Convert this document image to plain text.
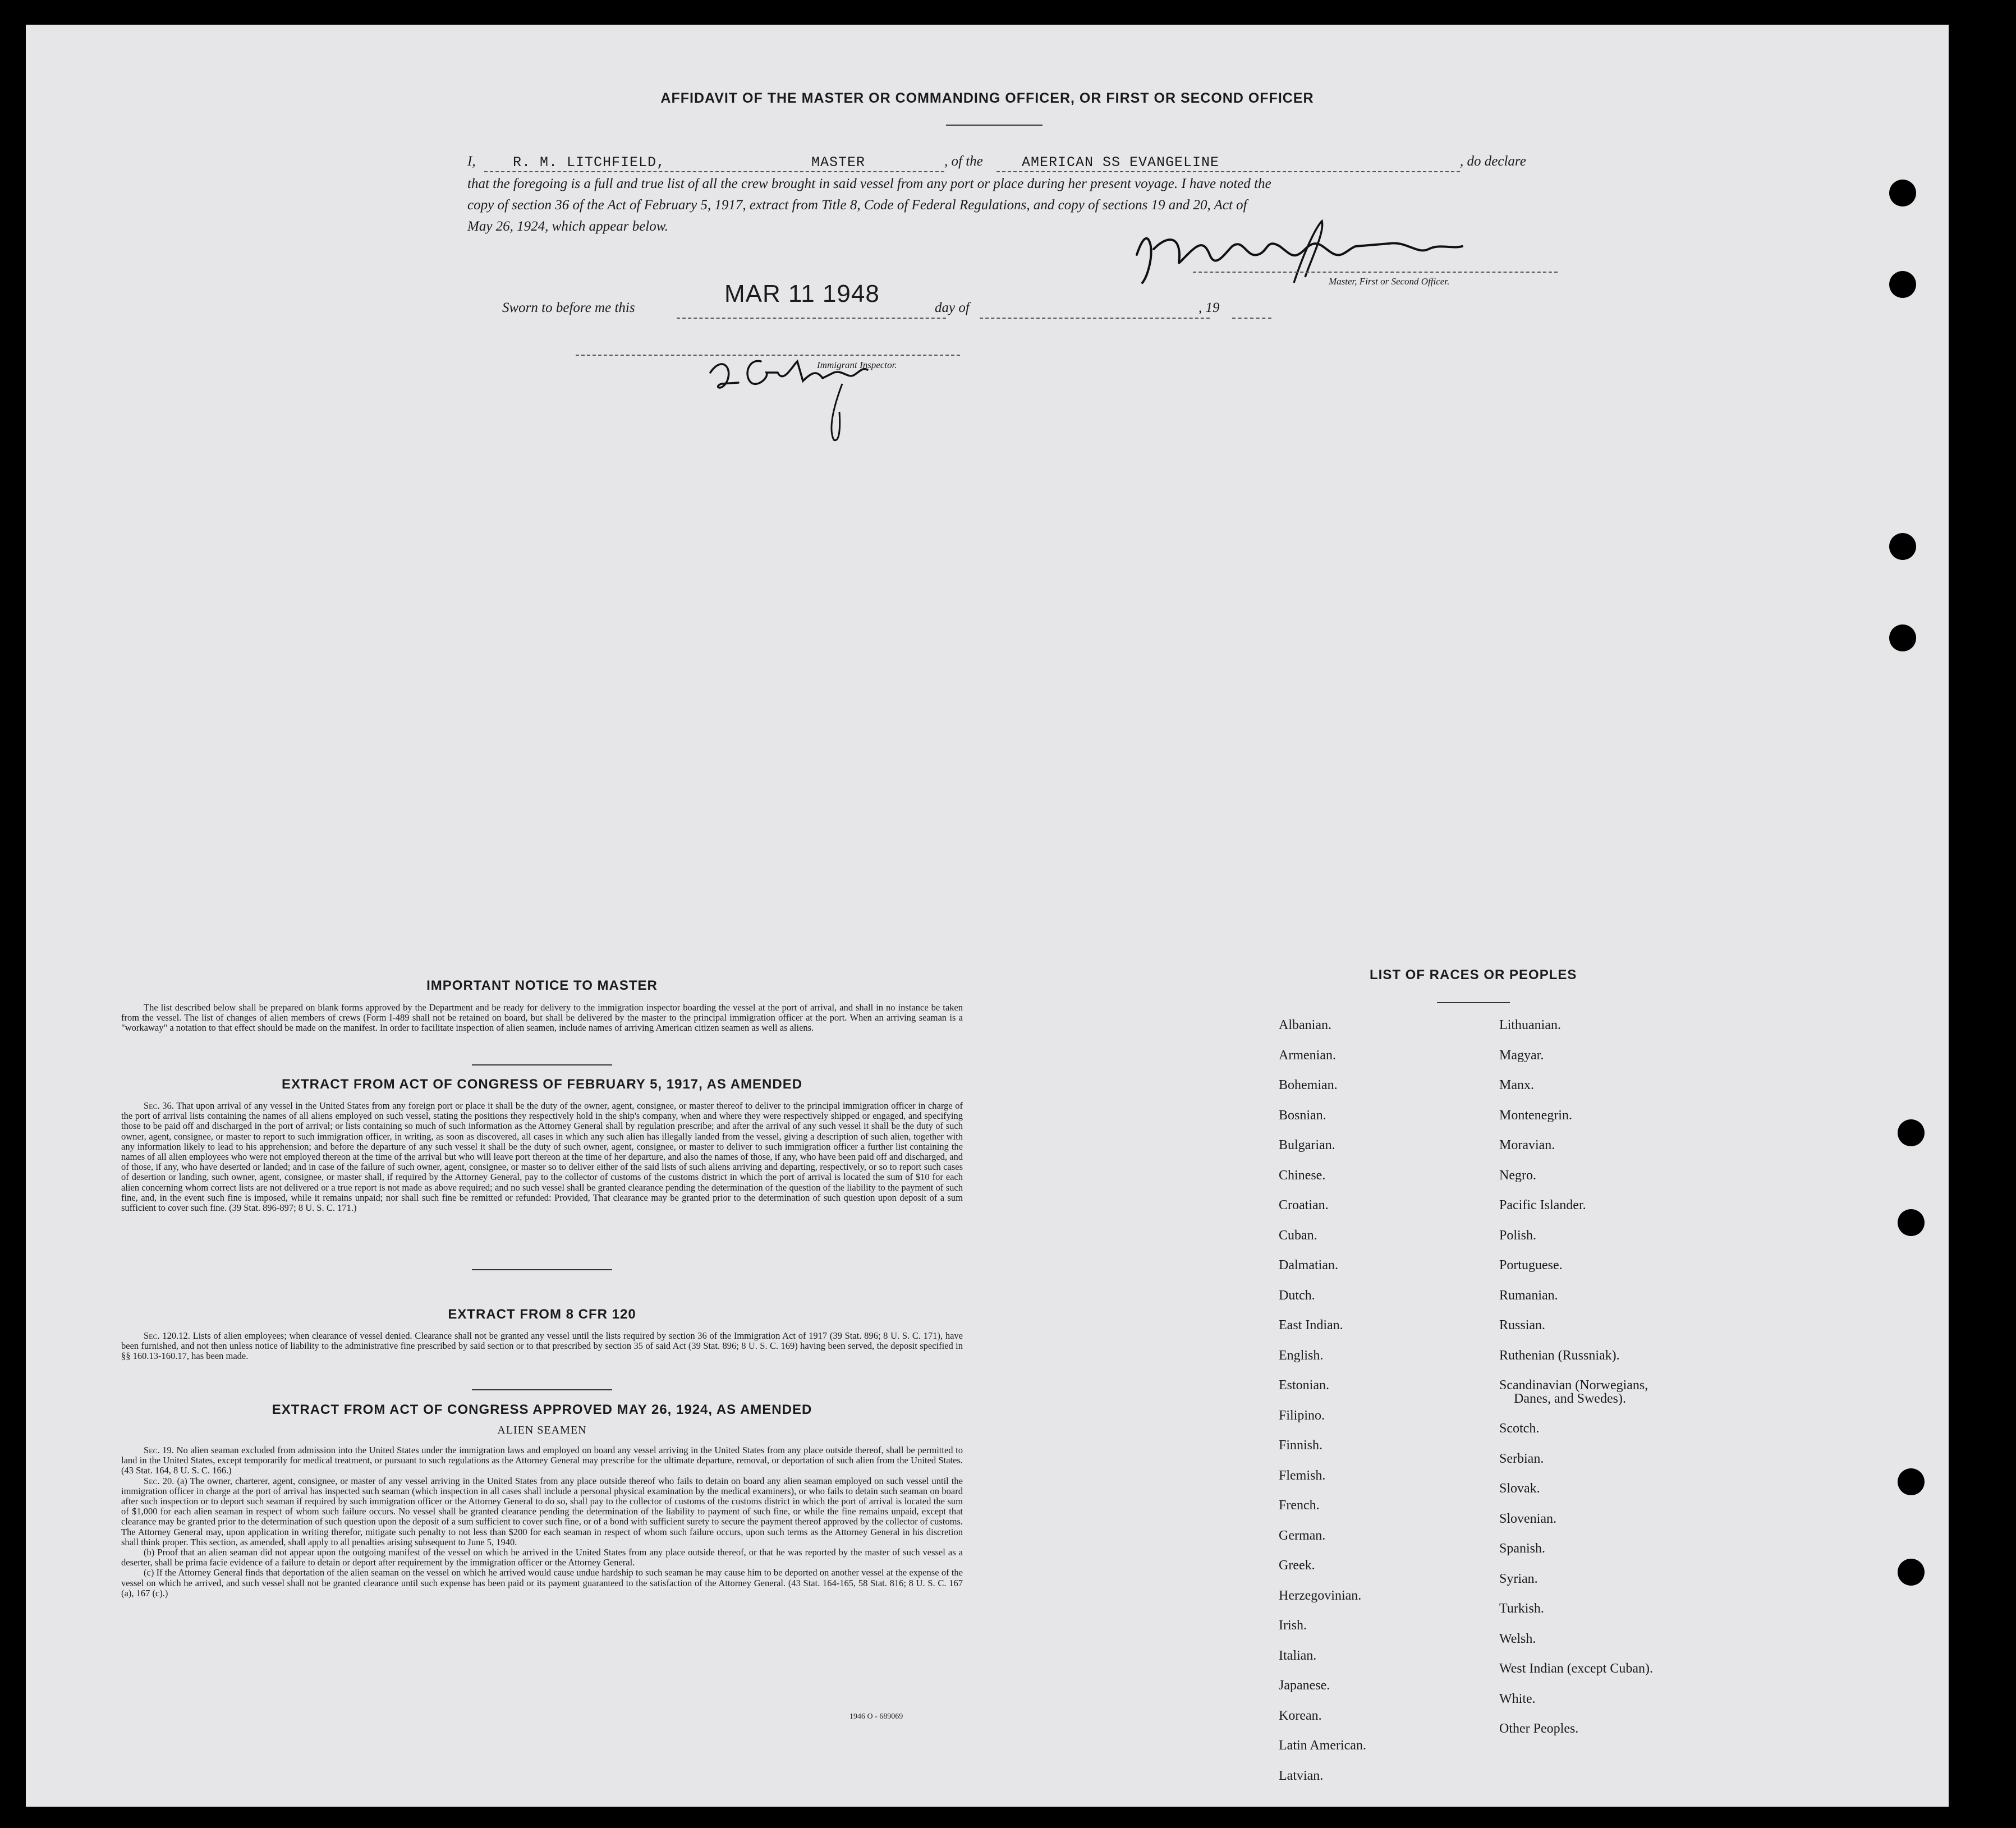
AFFIDAVIT OF THE MASTER OR COMMANDING OFFICER, OR FIRST OR SECOND OFFICER
I,	R. M. LITCHFIELD,	MASTER	, of the	AMERICAN SS EVANGELINE	, do declare
that the foregoing is a full and true list of all the crew brought in said vessel from any port or place during her present voyage. I have noted the
copy of section 36 of the Act of February 5, 1917, extract from Title 8, Code of Federal Regulations, and copy of sections 19 and 20, Act of
May 26, 1924, which appear below.
Master, First or Second Officer.
Sworn to before me this
MAR 11 1948
day of	, 19
Immigrant Inspector.
IMPORTANT NOTICE TO MASTER
The list described below shall be prepared on blank forms approved by the Department and be ready for delivery to the immigration inspector boarding the vessel at the port of arrival, and shall in no instance be taken from the vessel. The list of changes of alien members of crews (Form I-489 shall not be retained on board, but shall be delivered by the master to the principal immigration officer at the port. When an arriving seaman is a "workaway" a notation to that effect should be made on the manifest. In order to facilitate inspection of alien seamen, include names of arriving American citizen seamen as well as aliens.
EXTRACT FROM ACT OF CONGRESS OF FEBRUARY 5, 1917, AS AMENDED
Sec. 36. That upon arrival of any vessel in the United States from any foreign port or place it shall be the duty of the owner, agent, consignee, or master thereof to deliver to the principal immigration officer in charge of the port of arrival lists containing the names of all aliens employed on such vessel, stating the positions they respectively hold in the ship's company, when and where they were respectively shipped or engaged, and specifying those to be paid off and discharged in the port of arrival; or lists containing so much of such information as the Attorney General shall by regulation prescribe; and after the arrival of any such vessel it shall be the duty of such owner, agent, consignee, or master to report to such immigration officer, in writing, as soon as discovered, all cases in which any such alien has illegally landed from the vessel, giving a description of such alien, together with any information likely to lead to his apprehension; and before the departure of any such vessel it shall be the duty of such owner, agent, consignee, or master to deliver to such immigration officer a further list containing the names of all alien employees who were not employed thereon at the time of the arrival but who will leave port thereon at the time of her departure, and also the names of those, if any, who have been paid off and discharged, and of those, if any, who have deserted or landed; and in case of the failure of such owner, agent, consignee, or master so to deliver either of the said lists of such aliens arriving and departing, respectively, or so to report such cases of desertion or landing, such owner, agent, consignee, or master shall, if required by the Attorney General, pay to the collector of customs of the customs district in which the port of arrival is located the sum of $10 for each alien concerning whom correct lists are not delivered or a true report is not made as above required; and no such vessel shall be granted clearance pending the determination of the question of the liability to the payment of such fine, and, in the event such fine is imposed, while it remains unpaid; nor shall such fine be remitted or refunded: Provided, That clearance may be granted prior to the determination of such question upon deposit of a sum sufficient to cover such fine. (39 Stat. 896-897; 8 U. S. C. 171.)
EXTRACT FROM 8 CFR 120
Sec. 120.12. Lists of alien employees; when clearance of vessel denied. Clearance shall not be granted any vessel until the lists required by section 36 of the Immigration Act of 1917 (39 Stat. 896; 8 U. S. C. 171), have been furnished, and not then unless notice of liability to the administrative fine prescribed by said section or to that prescribed by section 35 of said Act (39 Stat. 896; 8 U. S. C. 169) having been served, the deposit specified in §§ 160.13-160.17, has been made.
EXTRACT FROM ACT OF CONGRESS APPROVED MAY 26, 1924, AS AMENDED
ALIEN SEAMEN
Sec. 19. No alien seaman excluded from admission into the United States under the immigration laws and employed on board any vessel arriving in the United States from any place outside thereof, shall be permitted to land in the United States, except temporarily for medical treatment, or pursuant to such regulations as the Attorney General may prescribe for the ultimate departure, removal, or deportation of such alien from the United States. (43 Stat. 164, 8 U. S. C. 166.)
Sec. 20. (a) The owner, charterer, agent, consignee, or master of any vessel arriving in the United States from any place outside thereof who fails to detain on board any alien seaman employed on such vessel until the immigration officer in charge at the port of arrival has inspected such seaman (which inspection in all cases shall include a personal physical examination by the medical examiners), or who fails to detain such seaman on board after such inspection or to deport such seaman if required by such immigration officer or the Attorney General to do so, shall pay to the collector of customs of the customs district in which the port of arrival is located the sum of $1,000 for each alien seaman in respect of whom such failure occurs. No vessel shall be granted clearance pending the determination of the liability to payment of such fine, or while the fine remains unpaid, except that clearance may be granted prior to the determination of such question upon the deposit of a sum sufficient to cover such fine, or of a bond with sufficient surety to secure the payment thereof approved by the collector of customs. The Attorney General may, upon application in writing therefor, mitigate such penalty to not less than $200 for each seaman in respect of whom such failure occurs, upon such terms as the Attorney General in his discretion shall think proper. This section, as amended, shall apply to all penalties arising subsequent to June 5, 1940.
(b) Proof that an alien seaman did not appear upon the outgoing manifest of the vessel on which he arrived in the United States from any place outside thereof, or that he was reported by the master of such vessel as a deserter, shall be prima facie evidence of a failure to detain or deport after requirement by the immigration officer or the Attorney General.
(c) If the Attorney General finds that deportation of the alien seaman on the vessel on which he arrived would cause undue hardship to such seaman he may cause him to be deported on another vessel at the expense of the vessel on which he arrived, and such vessel shall not be granted clearance until such expense has been paid or its payment guaranteed to the satisfaction of the Attorney General. (43 Stat. 164-165, 58 Stat. 816; 8 U. S. C. 167 (a), 167 (c).)
1946 O - 689069
LIST OF RACES OR PEOPLES
Albanian.
Armenian.
Bohemian.
Bosnian.
Bulgarian.
Chinese.
Croatian.
Cuban.
Dalmatian.
Dutch.
East Indian.
English.
Estonian.
Filipino.
Finnish.
Flemish.
French.
German.
Greek.
Herzegovinian.
Irish.
Italian.
Japanese.
Korean.
Latin American.
Latvian.
Lithuanian.
Magyar.
Manx.
Montenegrin.
Moravian.
Negro.
Pacific Islander.
Polish.
Portuguese.
Rumanian.
Russian.
Ruthenian (Russniak).
Scandinavian (Norwegians,
Danes, and Swedes).
Scotch.
Serbian.
Slovak.
Slovenian.
Spanish.
Syrian.
Turkish.
Welsh.
West Indian (except Cuban).
White.
Other Peoples.
